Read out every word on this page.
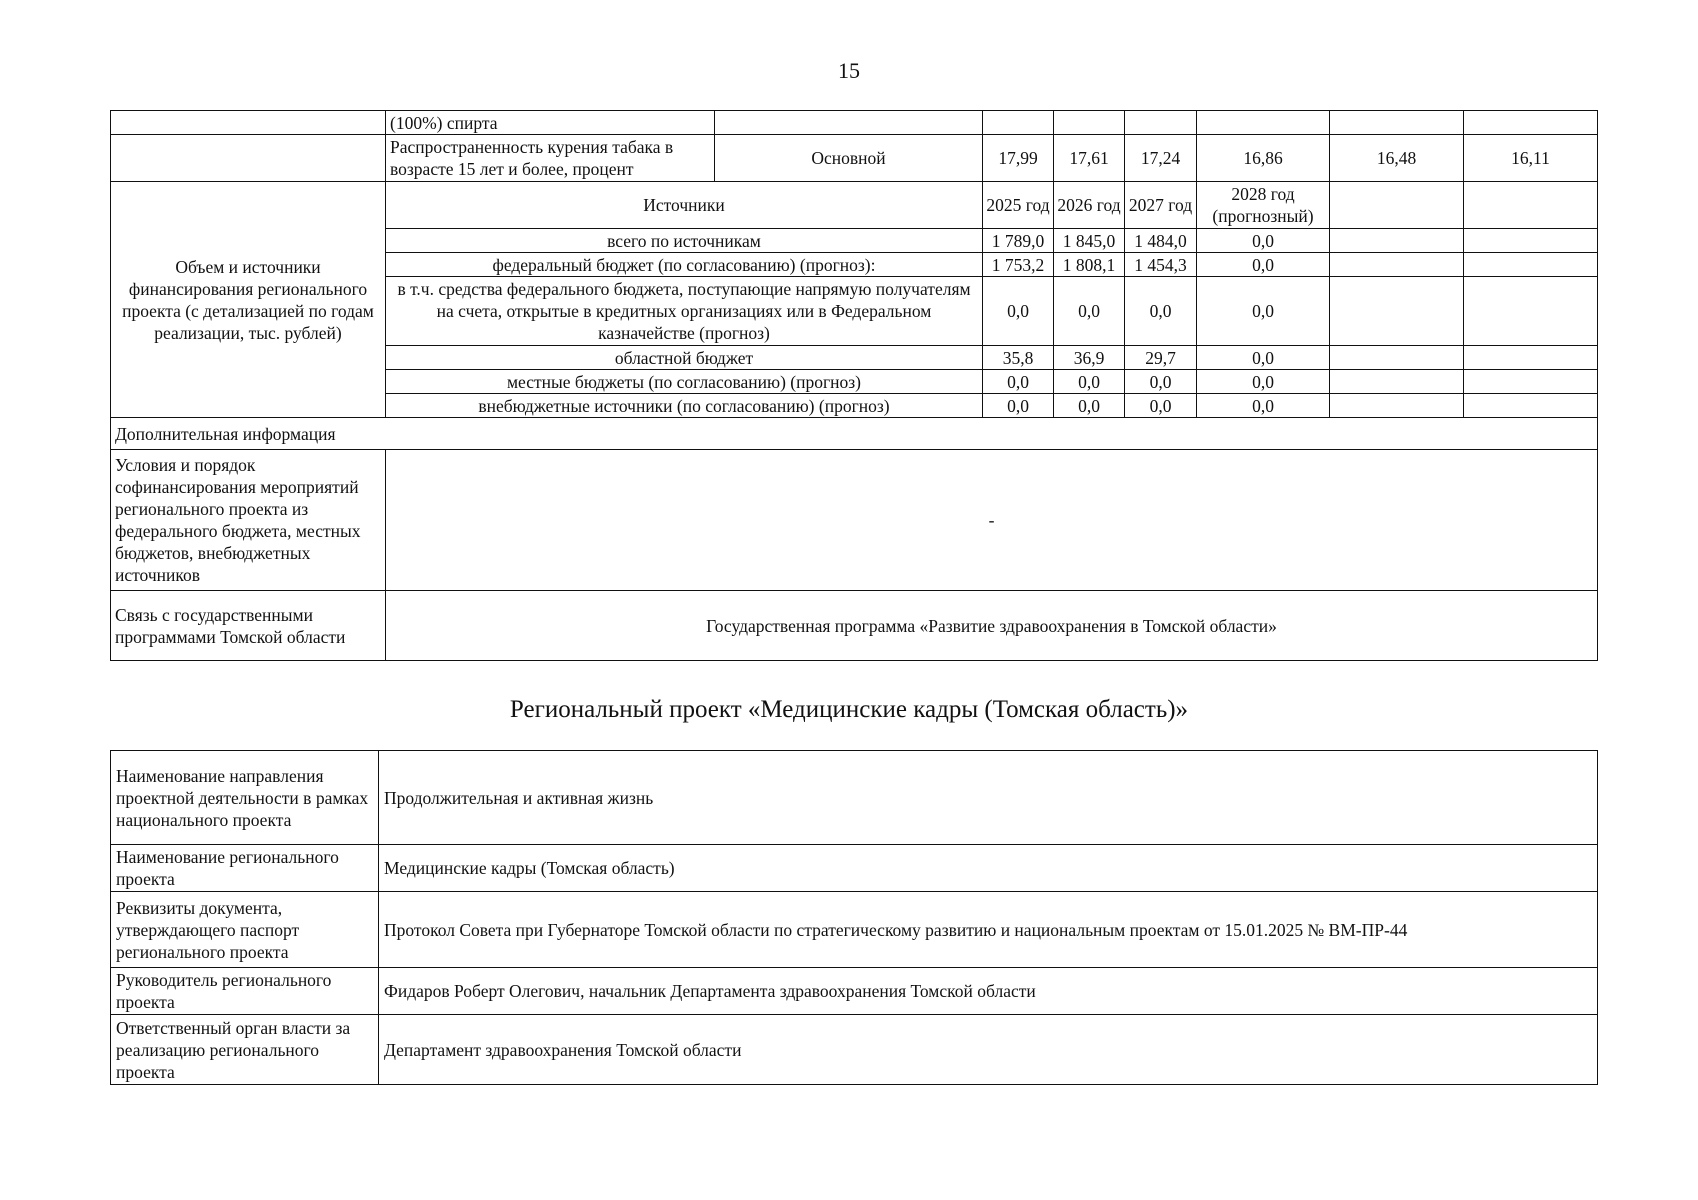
15
	(100%) спирта							
	Распространенность курения табака в возрасте 15 лет и более, процент	Основной	17,99	17,61	17,24	16,86	16,48	16,11
Объем и источники финансирования регионального проекта (с детализацией по годам реализации, тыс. рублей)	Источники		2025 год	2026 год	2027 год	2028 год (прогнозный)		
	всего по источникам		1 789,0	1 845,0	1 484,0	0,0		
	федеральный бюджет (по согласованию) (прогноз):		1 753,2	1 808,1	1 454,3	0,0		
	в т.ч. средства федерального бюджета, поступающие напрямую получателям на счета, открытые в кредитных организациях или в Федеральном казначействе (прогноз)		0,0	0,0	0,0	0,0		
	областной бюджет		35,8	36,9	29,7	0,0		
	местные бюджеты (по согласованию) (прогноз)		0,0	0,0	0,0	0,0		
	внебюджетные источники (по согласованию) (прогноз)		0,0	0,0	0,0	0,0		
Дополнительная информация								
Условия и порядок софинансирования мероприятий регионального проекта из федерального бюджета, местных бюджетов, внебюджетных источников	-							
Связь с государственными программами Томской области	Государственная программа «Развитие здравоохранения в Томской области»							
Региональный проект «Медицинские кадры (Томская область)»
Наименование направления проектной деятельности в рамках национального проекта	Продолжительная и активная жизнь
Наименование регионального проекта	Медицинские кадры (Томская область)
Реквизиты документа, утверждающего паспорт регионального проекта	Протокол Совета при Губернаторе Томской области по стратегическому развитию и национальным проектам от 15.01.2025 № ВМ-ПР-44
Руководитель регионального проекта	Фидаров Роберт Олегович, начальник Департамента здравоохранения Томской области
Ответственный орган власти за реализацию регионального проекта	Департамент здравоохранения Томской области
